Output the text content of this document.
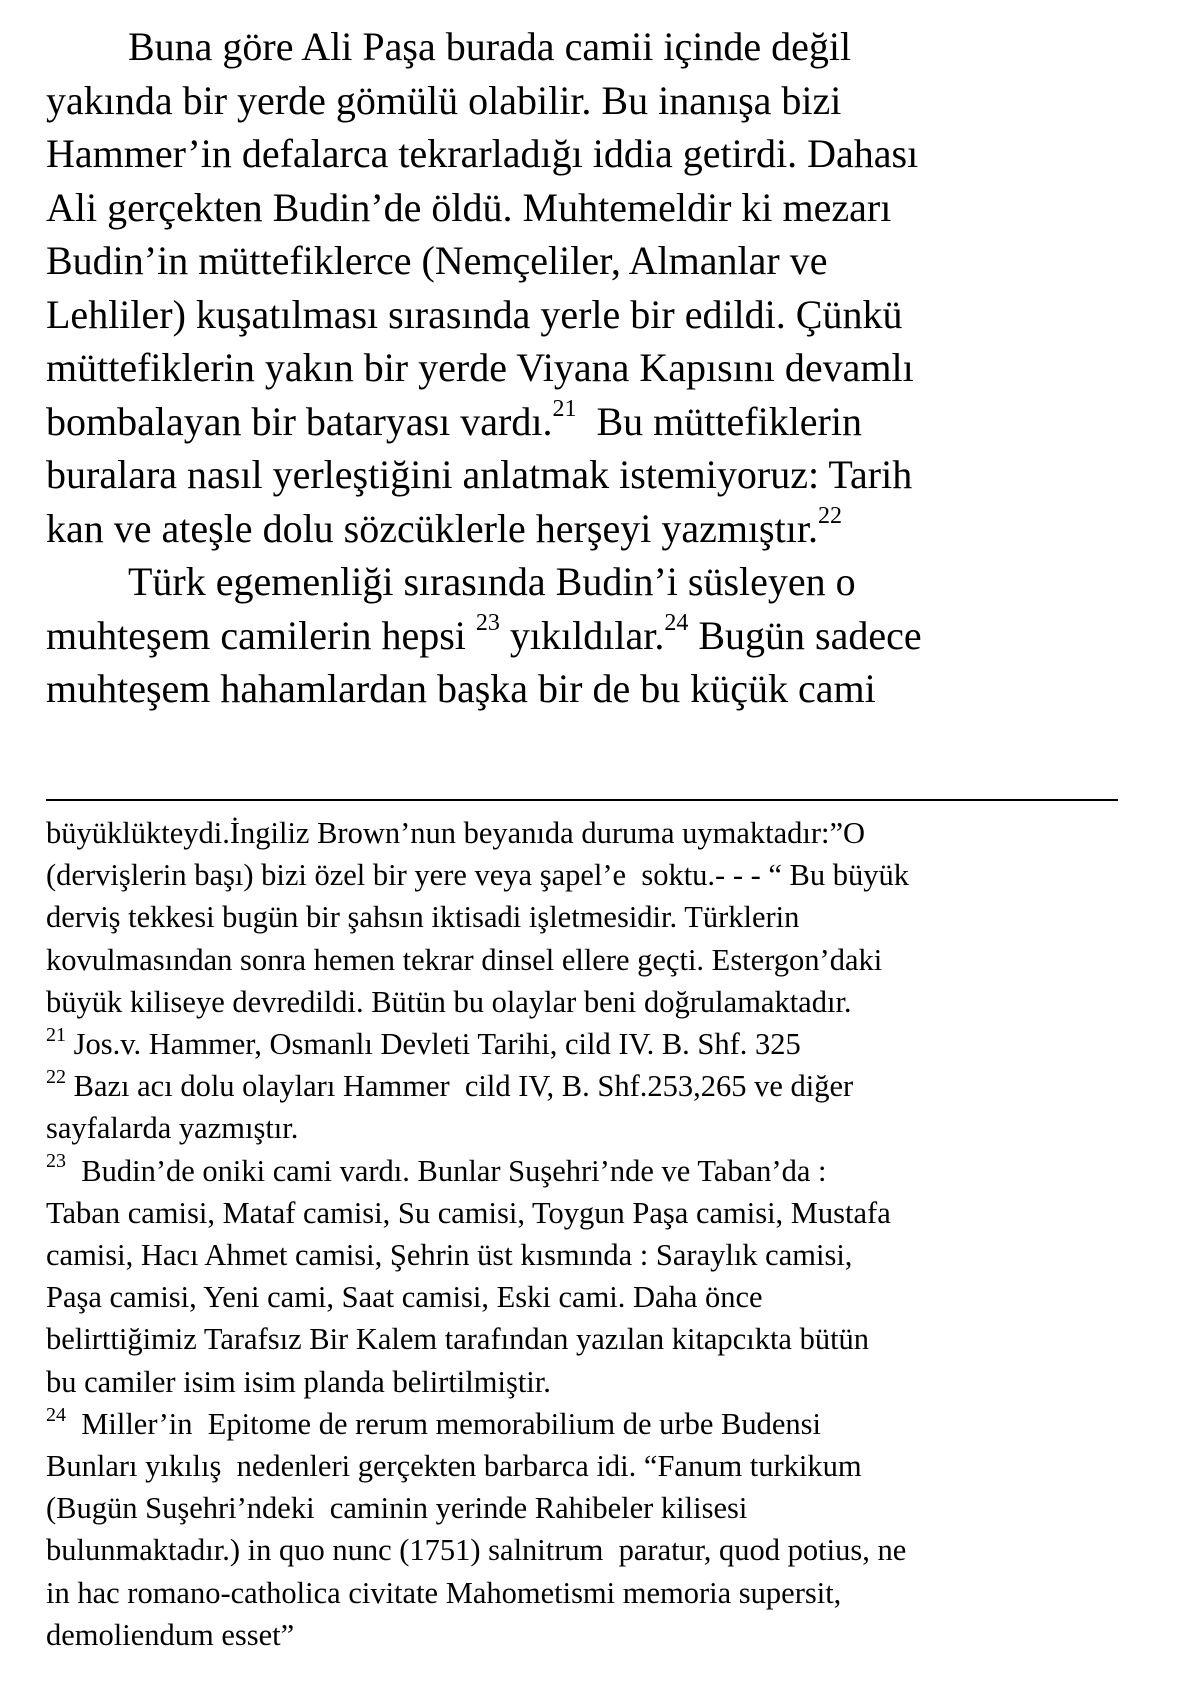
Buna göre Ali Paşa burada camii içinde değil
yakında bir yerde gömülü olabilir. Bu inanışa bizi
Hammer’in defalarca tekrarladığı iddia getirdi. Dahası
Ali gerçekten Budin’de öldü. Muhtemeldir ki mezarı
Budin’in müttefiklerce (Nemçeliler, Almanlar ve
Lehliler) kuşatılması sırasında yerle bir edildi. Çünkü
müttefiklerin yakın bir yerde Viyana Kapısını devamlı
bombalayan bir bataryası vardı.$^{21}$  Bu müttefiklerin
buralara nasıl yerleştiğini anlatmak istemiyoruz: Tarih
kan ve ateşle dolu sözcüklerle herşeyi yazmıştır.$^{22}$
Türk egemenliği sırasında Budin’i süsleyen o
muhteşem camilerin hepsi $^{23}$ yıkıldılar.$^{24}$ Bugün sadece
muhteşem hahamlardan başka bir de bu küçük cami
büyüklükteydi.İngiliz Brown’nun beyanıda duruma uymaktadır:”O
(dervişlerin başı) bizi özel bir yere veya şapel’e  soktu.- - - “ Bu büyük
derviş tekkesi bugün bir şahsın iktisadi işletmesidir. Türklerin
kovulmasından sonra hemen tekrar dinsel ellere geçti. Estergon’daki
büyük kiliseye devredildi. Bütün bu olaylar beni doğrulamaktadır.
$^{21}$ Jos.v. Hammer, Osmanlı Devleti Tarihi, cild IV. B. Shf. 325
$^{22}$ Bazı acı dolu olayları Hammer  cild IV, B. Shf.253,265 ve diğer
sayfalarda yazmıştır.
$^{23}$  Budin’de oniki cami vardı. Bunlar Suşehri’nde ve Taban’da :
Taban camisi, Mataf camisi, Su camisi, Toygun Paşa camisi, Mustafa
camisi, Hacı Ahmet camisi, Şehrin üst kısmında : Saraylık camisi,
Paşa camisi, Yeni cami, Saat camisi, Eski cami. Daha önce
belirttiğimiz Tarafsız Bir Kalem tarafından yazılan kitapcıkta bütün
bu camiler isim isim planda belirtilmiştir.
$^{24}$  Miller’in  Epitome de rerum memorabilium de urbe Budensi
Bunları yıkılış  nedenleri gerçekten barbarca idi. “Fanum turkikum
(Bugün Suşehri’ndeki  caminin yerinde Rahibeler kilisesi
bulunmaktadır.) in quo nunc (1751) salnitrum  paratur, quod potius, ne
in hac romano-catholica civitate Mahometismi memoria supersit,
demoliendum esset”
